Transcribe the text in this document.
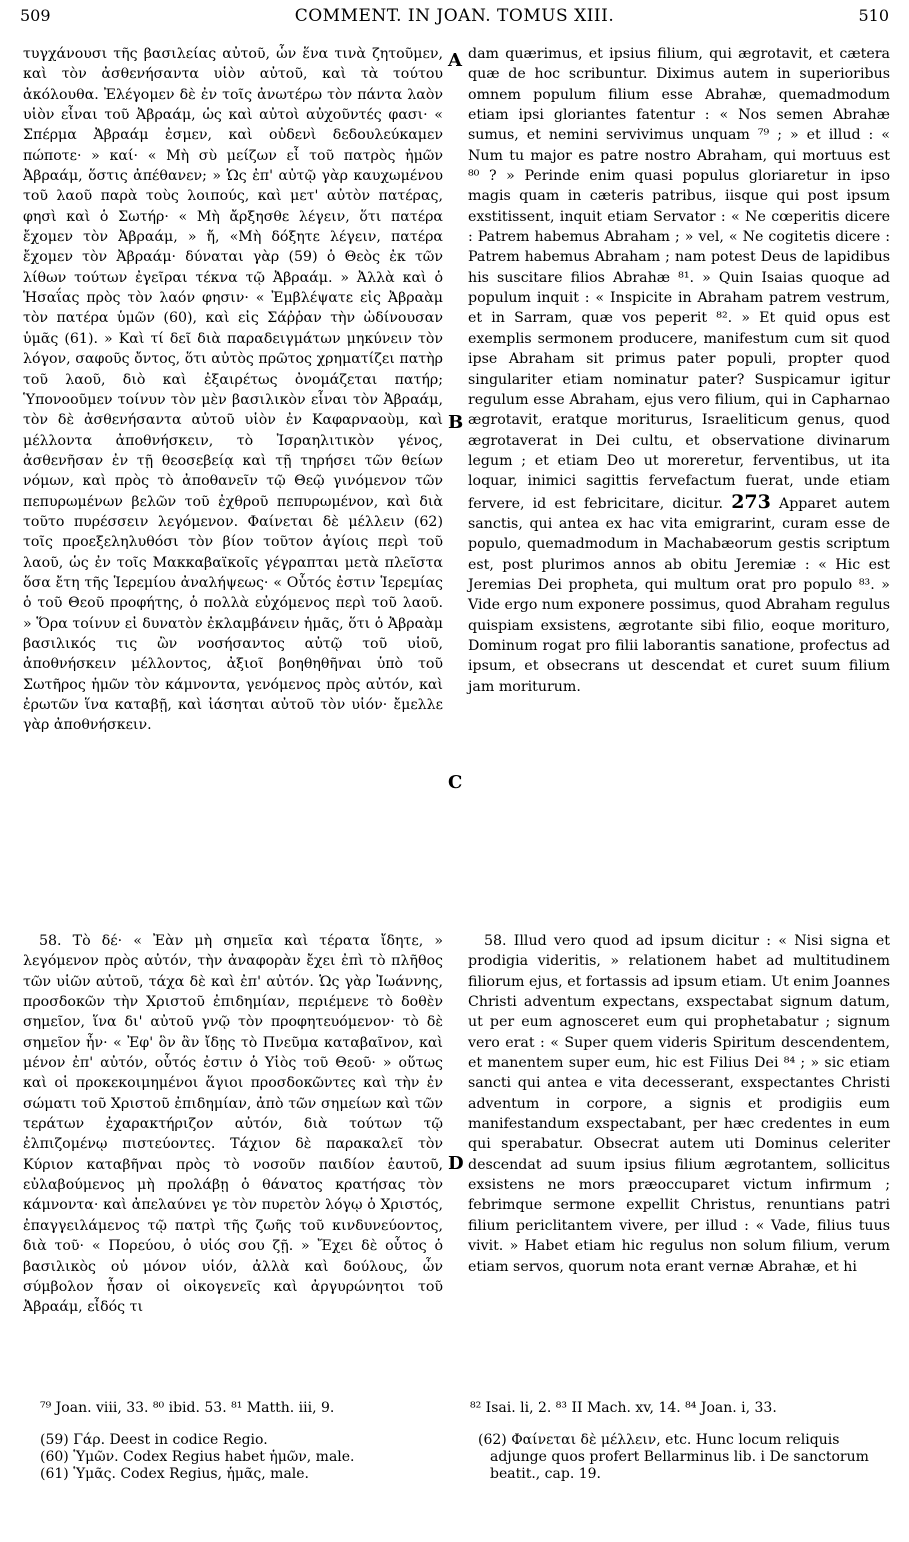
509	COMMENT. IN JOAN. TOMUS XIII.	510

τυγχάνουσι τῆς βασιλείας αὐτοῦ, ὧν ἕνα τινὰ ζητοῦμεν, καὶ τὸν ἀσθενήσαντα υἱὸν αὐτοῦ, καὶ τὰ τούτου ἀκόλουθα. Ἐλέγομεν δὲ ἐν τοῖς ἀνωτέρω τὸν πάντα λαὸν υἱὸν εἶναι τοῦ Ἀβραάμ, ὡς καὶ αὐτοὶ αὐχοῦντές φασι· « Σπέρμα Ἀβραάμ ἐσμεν, καὶ οὐδενὶ δεδουλεύκαμεν πώποτε· » καί· « Μὴ σὺ μείζων εἶ τοῦ πατρὸς ἡμῶν Ἀβραάμ, ὅστις ἀπέθανεν; » Ὡς ἐπ' αὐτῷ γὰρ καυχωμένου τοῦ λαοῦ παρὰ τοὺς λοιπούς, καὶ μετ' αὐτὸν πατέρας, φησὶ καὶ ὁ Σωτήρ· « Μὴ ἄρξησθε λέγειν, ὅτι πατέρα ἔχομεν τὸν Ἀβραάμ, » ἤ, «Μὴ δόξητε λέγειν, πατέρα ἔχομεν τὸν Ἀβραάμ· δύναται γὰρ (59) ὁ Θεὸς ἐκ τῶν λίθων τούτων ἐγεῖραι τέκνα τῷ Ἀβραάμ. » Ἀλλὰ καὶ ὁ Ἡσαΐας πρὸς τὸν λαόν φησιν· « Ἐμβλέψατε εἰς Ἀβραὰμ τὸν πατέρα ὑμῶν (60), καὶ εἰς Σάῤῥαν τὴν ὠδίνουσαν ὑμᾶς (61). » Καὶ τί δεῖ διὰ παραδειγμάτων μηκύνειν τὸν λόγον, σαφοῦς ὄντος, ὅτι αὐτὸς πρῶτος χρηματίζει πατὴρ τοῦ λαοῦ, διὸ καὶ ἐξαιρέτως ὀνομάζεται πατήρ; Ὑπονοοῦμεν τοίνυν τὸν μὲν βασιλικὸν εἶναι τὸν Ἀβραάμ, τὸν δὲ ἀσθενήσαντα αὐτοῦ υἱὸν ἐν Καφαρναοὺμ, καὶ μέλλοντα ἀποθνήσκειν, τὸ Ἰσραηλιτικὸν γένος, ἀσθενῆσαν ἐν τῇ θεοσεβείᾳ καὶ τῇ τηρήσει τῶν θείων νόμων, καὶ πρὸς τὸ ἀποθανεῖν τῷ Θεῷ γινόμενον τῶν πεπυρωμένων βελῶν τοῦ ἐχθροῦ πεπυρωμένον, καὶ διὰ τοῦτο πυρέσσειν λεγόμενον. Φαίνεται δὲ μέλλειν (62) τοῖς προεξεληλυθόσι τὸν βίον τοῦτον ἁγίοις περὶ τοῦ λαοῦ, ὡς ἐν τοῖς Μακκαβαϊκοῖς γέγραπται μετὰ πλεῖστα ὅσα ἔτη τῆς Ἱερεμίου ἀναλήψεως· « Οὗτός ἐστιν Ἱερεμίας ὁ τοῦ Θεοῦ προφήτης, ὁ πολλὰ εὐχόμενος περὶ τοῦ λαοῦ. » Ὅρα τοίνυν εἰ δυνατὸν ἐκλαμβάνειν ἡμᾶς, ὅτι ὁ Ἀβραὰμ βασιλικός τις ὢν νοσήσαντος αὐτῷ τοῦ υἱοῦ, ἀποθνήσκειν μέλλοντος, ἀξιοῖ βοηθηθῆναι ὑπὸ τοῦ Σωτῆρος ἡμῶν τὸν κάμνοντα, γενόμενος πρὸς αὐτόν, καὶ ἐρωτῶν ἵνα καταβῇ, καὶ ἰάσηται αὐτοῦ τὸν υἱόν· ἔμελλε γὰρ ἀποθνήσκειν.

dam quærimus, et ipsius filium, qui ægrotavit, et cætera quæ de hoc scribuntur. Diximus autem in superioribus omnem populum filium esse Abrahæ, quemadmodum etiam ipsi gloriantes fatentur : « Nos semen Abrahæ sumus, et nemini servivimus unquam ⁷⁹ ; » et illud : « Num tu major es patre nostro Abraham, qui mortuus est ⁸⁰ ? » Perinde enim quasi populus gloriaretur in ipso magis quam in cæteris patribus, iisque qui post ipsum exstitissent, inquit etiam Servator : « Ne cœperitis dicere : Patrem habemus Abraham ; » vel, « Ne cogitetis dicere : Patrem habemus Abraham ; nam potest Deus de lapidibus his suscitare filios Abrahæ ⁸¹. » Quin Isaias quoque ad populum inquit : « Inspicite in Abraham patrem vestrum, et in Sarram, quæ vos peperit ⁸². » Et quid opus est exemplis sermonem producere, manifestum cum sit quod ipse Abraham sit primus pater populi, propter quod singulariter etiam nominatur pater? Suspicamur igitur regulum esse Abraham, ejus vero filium, qui in Capharnao ægrotavit, eratque moriturus, Israeliticum genus, quod ægrotaverat in Dei cultu, et observatione divinarum legum ; et etiam Deo ut moreretur, ferventibus, ut ita loquar, inimici sagittis fervefactum fuerat, unde etiam fervere, id est febricitare, dicitur. 273 Apparet autem sanctis, qui antea ex hac vita emigrarint, curam esse de populo, quemadmodum in Machabæorum gestis scriptum est, post plurimos annos ab obitu Jeremiæ : « Hic est Jeremias Dei propheta, qui multum orat pro populo ⁸³. » Vide ergo num exponere possimus, quod Abraham regulus quispiam exsistens, ægrotante sibi filio, eoque morituro, Dominum rogat pro filii laborantis sanatione, profectus ad ipsum, et obsecrans ut descendat et curet suum filium jam moriturum.

A
B
C
D

58. Τὸ δέ· « Ἐὰν μὴ σημεῖα καὶ τέρατα ἴδητε, » λεγόμενον πρὸς αὐτόν, τὴν ἀναφορὰν ἔχει ἐπὶ τὸ πλῆθος τῶν υἱῶν αὐτοῦ, τάχα δὲ καὶ ἐπ' αὐτόν. Ὡς γὰρ Ἰωάννης, προσδοκῶν τὴν Χριστοῦ ἐπιδημίαν, περιέμενε τὸ δοθὲν σημεῖον, ἵνα δι' αὐτοῦ γνῷ τὸν προφητευόμενον· τὸ δὲ σημεῖον ἦν· « Ἐφ' ὃν ἂν ἴδῃς τὸ Πνεῦμα καταβαῖνον, καὶ μένον ἐπ' αὐτόν, οὗτός ἐστιν ὁ Υἱὸς τοῦ Θεοῦ· » οὕτως καὶ οἱ προκεκοιμημένοι ἅγιοι προσδοκῶντες καὶ τὴν ἐν σώματι τοῦ Χριστοῦ ἐπιδημίαν, ἀπὸ τῶν σημείων καὶ τῶν τεράτων ἐχαρακτήριζον αὐτόν, διὰ τούτων τῷ ἐλπιζομένῳ πιστεύοντες. Τάχιον δὲ παρακαλεῖ τὸν Κύριον καταβῆναι πρὸς τὸ νοσοῦν παιδίον ἑαυτοῦ, εὐλαβούμενος μὴ προλάβῃ ὁ θάνατος κρατήσας τὸν κάμνοντα· καὶ ἀπελαύνει γε τὸν πυρετὸν λόγῳ ὁ Χριστός, ἐπαγγειλάμενος τῷ πατρὶ τῆς ζωῆς τοῦ κινδυνεύοντος, διὰ τοῦ· « Πορεύου, ὁ υἱός σου ζῇ. » Ἔχει δὲ οὗτος ὁ βασιλικὸς οὐ μόνον υἱόν, ἀλλὰ καὶ δούλους, ὧν σύμβολον ἦσαν οἱ οἰκογενεῖς καὶ ἀργυρώνητοι τοῦ Ἀβραάμ, εἶδός τι

58. Illud vero quod ad ipsum dicitur : « Nisi signa et prodigia videritis, » relationem habet ad multitudinem filiorum ejus, et fortassis ad ipsum etiam. Ut enim Joannes Christi adventum expectans, exspectabat signum datum, ut per eum agnosceret eum qui prophetabatur ; signum vero erat : « Super quem videris Spiritum descendentem, et manentem super eum, hic est Filius Dei ⁸⁴ ; » sic etiam sancti qui antea e vita decesserant, exspectantes Christi adventum in corpore, a signis et prodigiis eum manifestandum exspectabant, per hæc credentes in eum qui sperabatur. Obsecrat autem uti Dominus celeriter descendat ad suum ipsius filium ægrotantem, sollicitus exsistens ne mors præoccuparet victum infirmum ; febrimque sermone expellit Christus, renuntians patri filium periclitantem vivere, per illud : « Vade, filius tuus vivit. » Habet etiam hic regulus non solum filium, verum etiam servos, quorum nota erant vernæ Abrahæ, et hi

⁷⁹ Joan. viii, 33. ⁸⁰ ibid. 53. ⁸¹ Matth. iii, 9.	⁸² Isai. li, 2. ⁸³ II Mach. xv, 14. ⁸⁴ Joan. i, 33.
(59) Γάρ. Deest in codice Regio.
(60) Ὑμῶν. Codex Regius habet ἡμῶν, male.
(61) Ὑμᾶς. Codex Regius, ἡμᾶς, male.
(62) Φαίνεται δὲ μέλλειν, etc. Hunc locum reliquis adjunge quos profert Bellarminus lib. i De sanctorum beatit., cap. 19.
